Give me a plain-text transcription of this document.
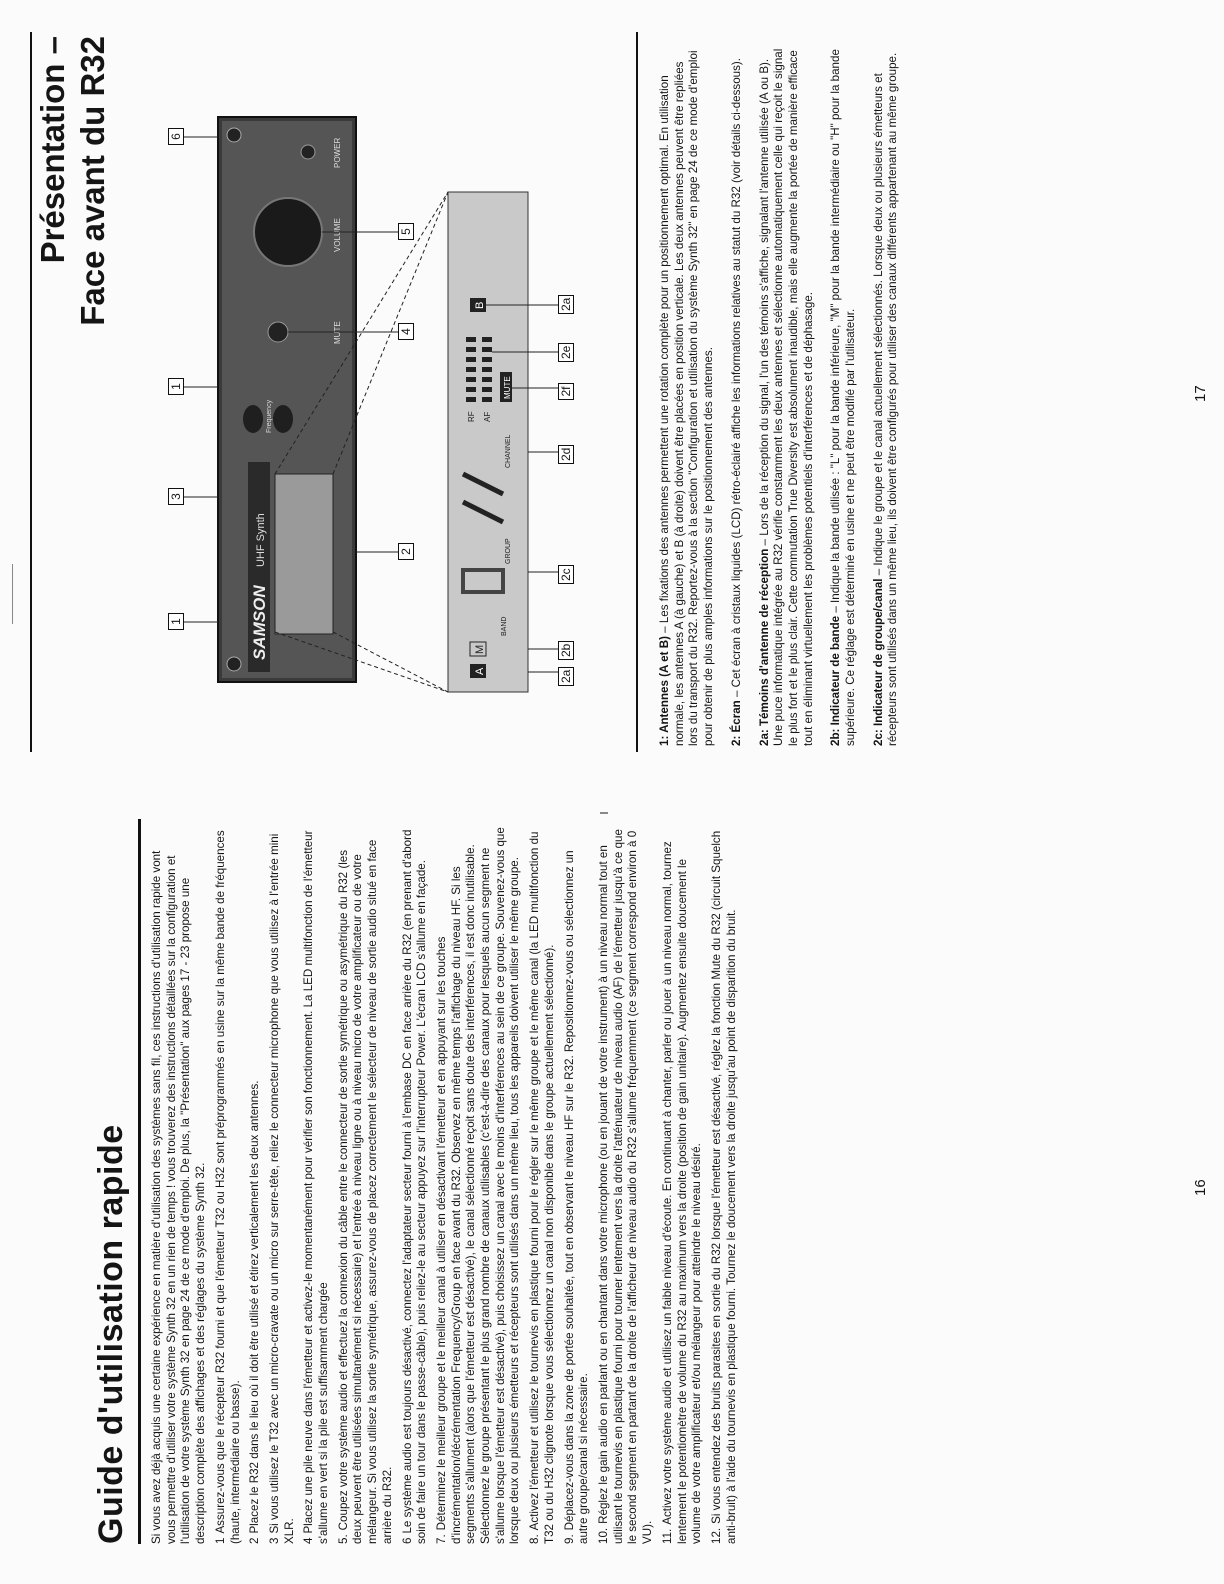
Guide d'utilisation rapide Si vous avez déjà acquis une certaine expérience en matière d'utilisation des systèmes sans fil, ces instructions d'utilisation rapide vont vous permettre d'utiliser votre système Synth 32 en un rien de temps ! vous trouverez des instructions détaillées sur la configuration et l'utilisation de votre système Synth 32 en page 24 de ce mode d'emploi. De plus, la "Présentation" aux pages 17 - 23 propose une description complète des affichages et des réglages du système Synth 32. 1Assurez-vous que le récepteur R32 fourni et que l'émetteur T32 ou H32 sont préprogrammés en usine sur la même bande de fréquences (haute, intermédiaire ou basse). 2Placez le R32 dans le lieu où il doit être utilisé et étirez verticalement les deux antennes.

3Si vous utilisez le T32 avec un micro-cravate ou un micro sur serre-tête, reliez le connecteur microphone que vous utilisez à l'entrée mini XLR. 4Placez une pile neuve dans l'émetteur et activez-le momentanément pour vérifier son fonctionnement. La LED multifonction de l'émetteur s'allume en vert si la pile est suffisamment chargée 5.Coupez votre système audio et effectuez la connexion du câble entre le connecteur de sortie symétrique ou asymétrique du R32 (les deux peuvent être utilisées simultanément si nécessaire) et l'entrée à niveau ligne ou à niveau micro de votre amplificateur ou de votre mélangeur. Si vous utilisez la sortie symétrique, assurez-vous de placez correctement le sélecteur de niveau de sortie audio situé en face arrière du R32. 6Le système audio est toujours désactivé, connectez l'adaptateur secteur fourni à l'embase DC en face arrière du R32 (en prenant d'abord soin de faire un tour dans le passe-câble), puis reliez-le au secteur appuyez sur l'interrupteur Power. L'écran LCD s'allume en façade. 7.Déterminez le meilleur groupe et le meilleur canal à utiliser en désactivant l'émetteur et en appuyant sur les touches d'incrémentation/décrémentation Frequency/Group en face avant du R32. Observez en même temps l'affichage du niveau HF. Si les segments s'allument (alors que l'émetteur est désactivé), le canal sélectionné reçoit sans doute des interférences, il est donc inutilisable. Sélectionnez le groupe présentant le plus grand nombre de canaux utilisables (c'est-à-dire des canaux pour lesquels aucun segment ne s'allume lorsque l'émetteur est désactivé), puis choisissez un canal avec le moins d'interférences au sein de ce groupe. Souvenez-vous que lorsque deux ou plusieurs émetteurs et récepteurs sont utilisés dans un même lieu, tous les appareils doivent utiliser le même groupe. 8.Activez l'émetteur et utilisez le tournevis en plastique fourni pour le régler sur le même groupe et le même canal (la LED multifonction du T32 ou du H32 clignote lorsque vous sélectionnez un canal non disponible dans le groupe actuellement sélectionné). 9.Déplacez-vous dans la zone de portée souhaitée, tout en observant le niveau HF sur le R32. Repositionnez-vous ou sélectionnez un autre groupe/canal si nécessaire. 10.Réglez le gain audio en parlant ou en chantant dans votre microphone (ou en jouant de votre instrument) à un niveau normal tout en utilisant le tournevis en plastique fourni pour tourner lentement vers la droite l'atténuateur de niveau audio (AF) de l'émetteur jusqu'à ce que le second segment en partant de la droite de l'afficheur de niveau audio du R32 s'allume fréquemment (ce segment correspond environ à 0 VU). 11.Activez votre système audio et utilisez un faible niveau d'écoute. En continuant à chanter, parler ou jouer à un niveau normal, tournez lentement le potentiomètre de volume du R32 au maximum vers la droite (position de gain unitaire). Augmentez ensuite doucement le volume de votre amplificateur et/ou mélangeur pour atteindre le niveau désiré. 12.Si vous entendez des bruits parasites en sortie du R32 lorsque l'émetteur est désactivé, réglez la fonction Mute du R32 (circuit Squelch anti-bruit) à l'aide du tournevis en plastique fourni. Tournez le doucement vers la droite jusqu'au point de disparition du bruit.	16
Présentation – Face avant du R32
SAMSON
UHF Synth
Frequency
MUTE
VOLUME
POWER
A
M
BAND
GROUP
CHANNEL
RF AF
MUTE
B
1
3
1
6
2
4
5
2a
2b
2c
2d
2f
2e
2a

1: Antennes (A et B) – Les fixations des antennes permettent une rotation complète pour un positionnement optimal. En utilisation normale, les antennes A (à gauche) et B (à droite) doivent être placées en position verticale. Les deux antennes peuvent être repliées lors du transport du R32. Reportez-vous à la section "Configuration et utilisation du système Synth 32" en page 24 de ce mode d'emploi pour obtenir de plus amples informations sur le positionnement des antennes. 2: Écran – Cet écran à cristaux liquides (LCD) rétro-éclairé affiche les informations relatives au statut du R32 (voir détails ci-dessous). 2a: Témoins d'antenne de réception – Lors de la réception du signal, l'un des témoins s'affiche, signalant l'antenne utilisée (A ou B). Une puce informatique intégrée au R32 vérifie constamment les deux antennes et sélectionne automatiquement celle qui reçoit le signal le plus fort et le plus clair. Cette commutation True Diversity est absolument inaudible, mais elle augmente la portée de manière efficace tout en éliminant virtuellement les problèmes potentiels d'interférences et de déphasage. 2b: Indicateur de bande – Indique la bande utilisée : "L" pour la bande inférieure, "M" pour la bande intermédiaire ou "H" pour la bande supérieure. Ce réglage est déterminé en usine et ne peut être modifié par l'utilisateur. 2c: Indicateur de groupe/canal – Indique le groupe et le canal actuellement sélectionnés. Lorsque deux ou plusieurs émetteurs et récepteurs sont utilisés dans un même lieu, ils doivent être configurés pour utiliser des canaux différents appartenant au même groupe.	17
